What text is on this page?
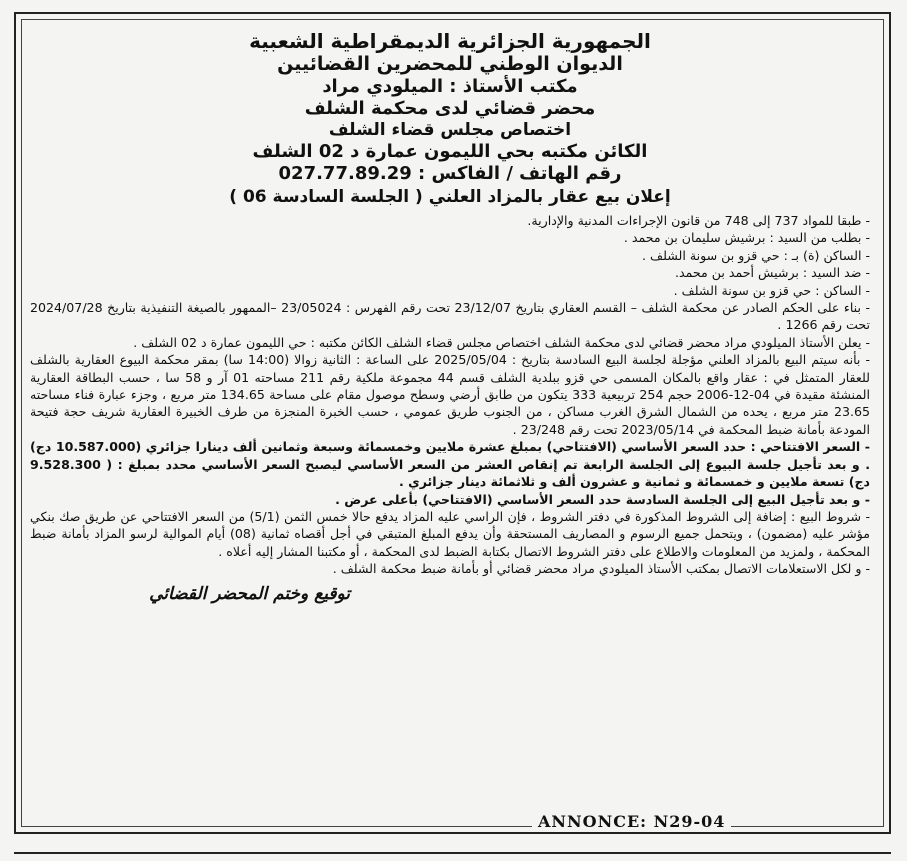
الجمهورية الجزائرية الديمقراطية الشعبية
الديوان الوطني للمحضرين القضائيين
مكتب الأستاذ : الميلودي مراد
محضر قضائي لدى محكمة الشلف
اختصاص مجلس قضاء الشلف
الكائن مكتبه بحي الليمون عمارة د 02 الشلف
رقم الهاتف / الفاكس : 027.77.89.29
إعلان بيع عقار بالمزاد العلني ( الجلسة السادسة 06 )

- طبقا للمواد 737 إلى 748 من قانون الإجراءات المدنية والإدارية.

- بطلب من السيد : برشيش سليمان بن محمد .

- الساكن (ة) بـ : حي قزو بن سونة الشلف .

- ضد السيد : برشيش أحمد بن محمد.

- الساكن : حي قزو بن سونة الشلف .

- بناء على الحكم الصادر عن محكمة الشلف – القسم العقاري بتاريخ 23/12/07 تحت رقم الفهرس : 23/05024 –الممهور بالصيغة التنفيذية بتاريخ 2024/07/28 تحت رقم 1266 .

- يعلن الأستاذ الميلودي مراد محضر قضائي لدى محكمة الشلف اختصاص مجلس قضاء الشلف الكائن مكتبه : حي الليمون عمارة د 02 الشلف .

- بأنه سيتم البيع بالمزاد العلني مؤجلة لجلسة البيع السادسة بتاريخ : 2025/05/04 على الساعة : الثانية زوالا (14:00 سا) بمقر محكمة البيوع العقارية بالشلف للعقار المتمثل في : عقار واقع بالمكان المسمى حي قزو ببلدية الشلف قسم 44 مجموعة ملكية رقم 211 مساحته 01 آر و 58 سا ، حسب البطاقة العقارية المنشئة مقيدة في 04-12-2006 حجم 254 تربيعية 333 يتكون من طابق أرضي وسطح موصول مقام على مساحة 134.65 متر مربع ، وجزء عبارة فناء مساحته 23.65 متر مربع ، يحده من الشمال الشرق الغرب مساكن ، من الجنوب طريق عمومي ، حسب الخبرة المنجزة من طرف الخبيرة العقارية شريف حجة فتيحة المودعة بأمانة ضبط المحكمة في 2023/05/14 تحت رقم 23/248 .

- السعر الافتتاحي : حدد السعر الأساسي (الافتتاحي) بمبلغ عشرة ملايين وخمسمائة وسبعة وثمانين ألف دينارا جزائري (10.587.000 دج) . و بعد تأجيل جلسة البيوع إلى الجلسة الرابعة تم إنقاص العشر من السعر الأساسي ليصبح السعر الأساسي محدد بمبلغ : ( 9.528.300 دج) تسعة ملايين و خمسمائة و ثمانية و عشرون ألف و ثلاثمائة دينار جزائري .

- و بعد تأجيل البيع إلى الجلسة السادسة حدد السعر الأساسي (الافتتاحي) بأعلى عرض .

- شروط البيع : إضافة إلى الشروط المذكورة في دفتر الشروط ، فإن الراسي عليه المزاد يدفع حالا خمس الثمن (5/1) من السعر الافتتاحي عن طريق صك بنكي مؤشر عليه (مضمون) ، ويتحمل جميع الرسوم و المصاريف المستحقة وأن يدفع المبلغ المتبقي في أجل أقصاه ثمانية (08) أيام الموالية لرسو المزاد بأمانة ضبط المحكمة ، ولمزيد من المعلومات والاطلاع على دفتر الشروط الاتصال بكتابة الضبط لدى المحكمة ، أو مكتبنا المشار إليه أعلاه .

- و لكل الاستعلامات الاتصال بمكتب الأستاذ الميلودي مراد محضر قضائي أو بأمانة ضبط محكمة الشلف .

توقيع وختم المحضر القضائي
ANNONCE: N29-04
